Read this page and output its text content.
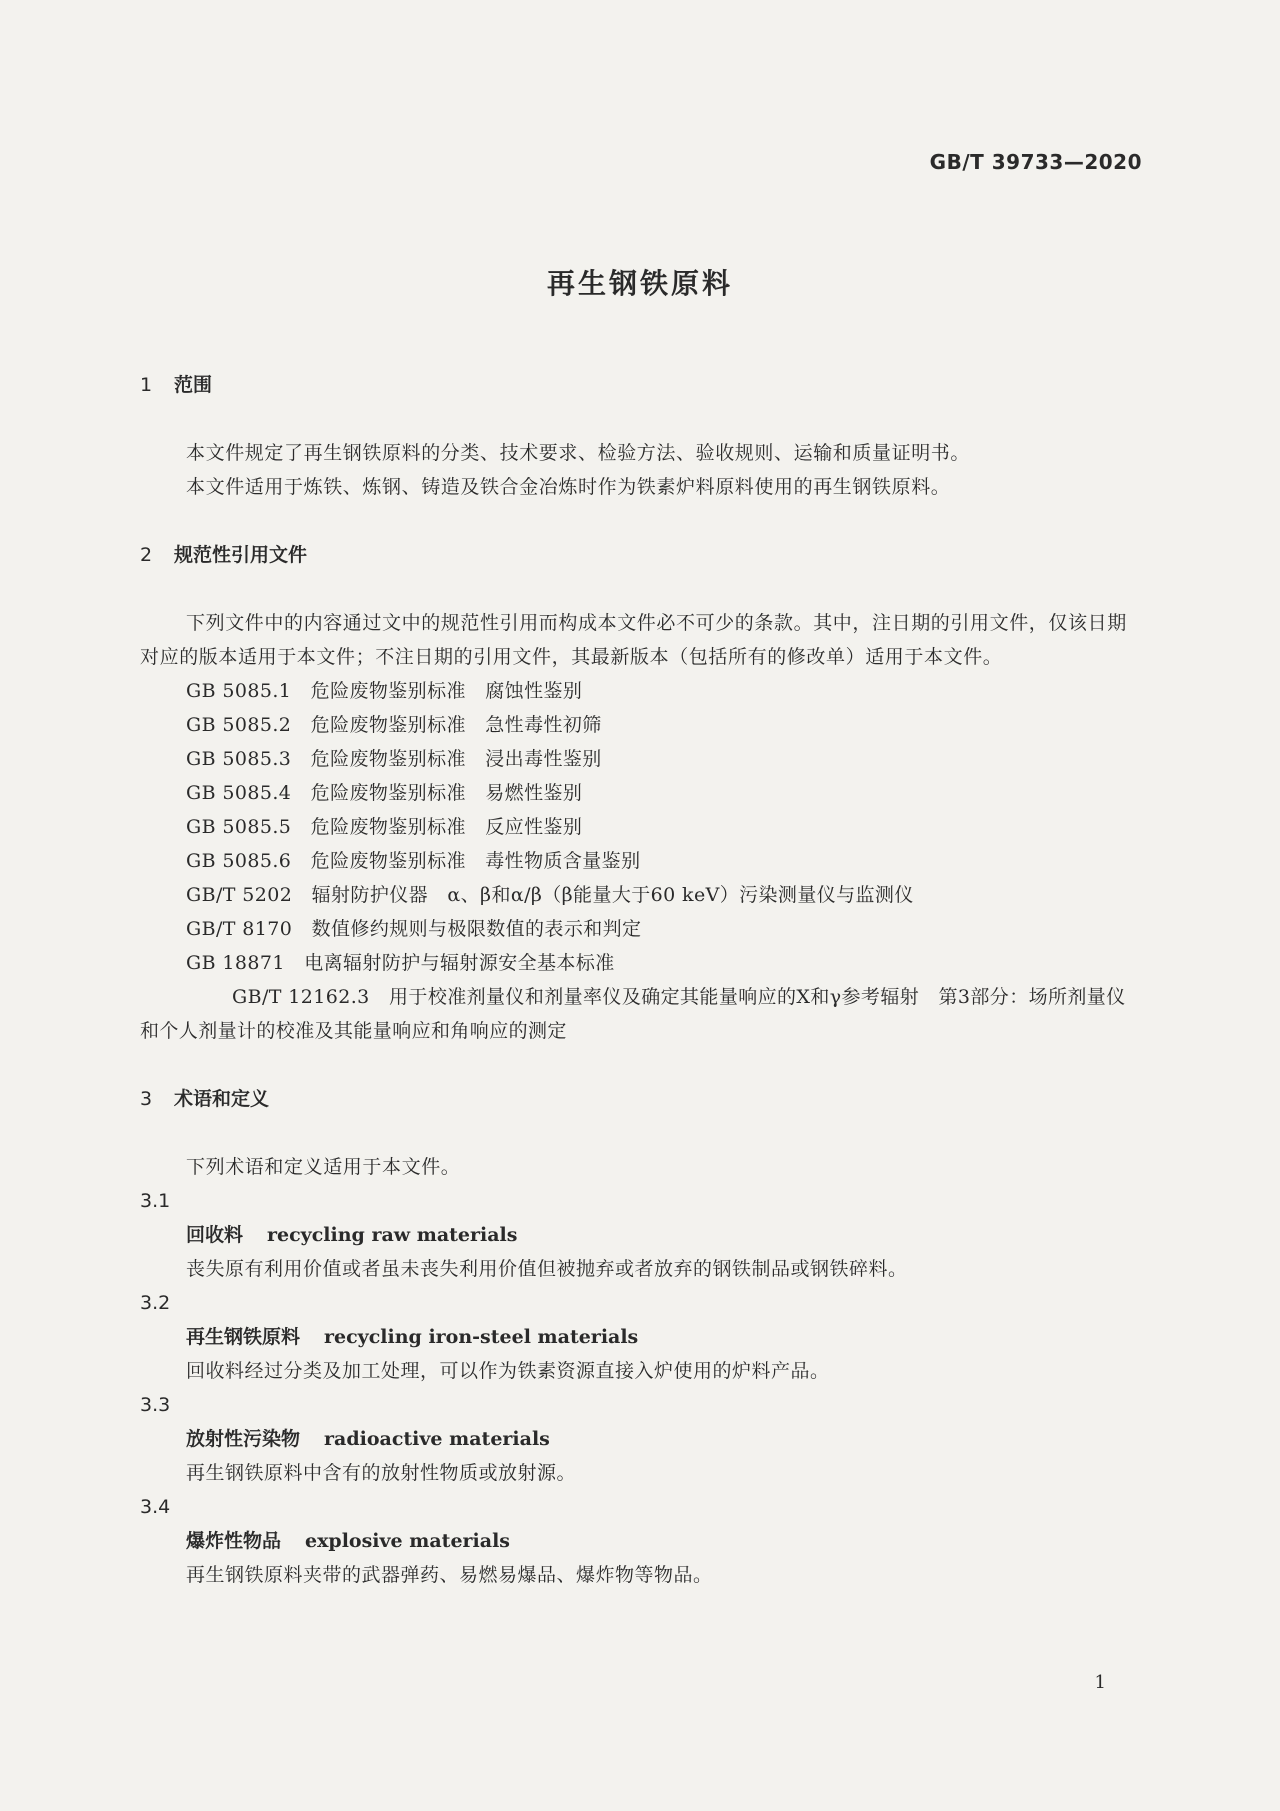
GB/T 39733—2020
再生钢铁原料
1 范围
本文件规定了再生钢铁原料的分类、技术要求、检验方法、验收规则、运输和质量证明书。
本文件适用于炼铁、炼钢、铸造及铁合金冶炼时作为铁素炉料原料使用的再生钢铁原料。
2 规范性引用文件
下列文件中的内容通过文中的规范性引用而构成本文件必不可少的条款。其中，注日期的引用文件，仅该日期对应的版本适用于本文件；不注日期的引用文件，其最新版本（包括所有的修改单）适用于本文件。
GB 5085.1　 危险废物鉴别标准　腐蚀性鉴别
GB 5085.2　 危险废物鉴别标准　急性毒性初筛
GB 5085.3　 危险废物鉴别标准　浸出毒性鉴别
GB 5085.4　 危险废物鉴别标准　易燃性鉴别
GB 5085.5　 危险废物鉴别标准　反应性鉴别
GB 5085.6　 危险废物鉴别标准　毒性物质含量鉴别
GB/T 5202　 辐射防护仪器　α、β和α/β（β能量大于60 keV）污染测量仪与监测仪
GB/T 8170　 数值修约规则与极限数值的表示和判定
GB 18871　 电离辐射防护与辐射源安全基本标准
GB/T 12162.3　 用于校准剂量仪和剂量率仪及确定其能量响应的X和γ参考辐射　第3部分：场所剂量仪和个人剂量计的校准及其能量响应和角响应的测定
3 术语和定义
下列术语和定义适用于本文件。
3.1
回收料 recycling raw materials
丧失原有利用价值或者虽未丧失利用价值但被抛弃或者放弃的钢铁制品或钢铁碎料。
3.2
再生钢铁原料 recycling iron-steel materials
回收料经过分类及加工处理，可以作为铁素资源直接入炉使用的炉料产品。
3.3
放射性污染物 radioactive materials
再生钢铁原料中含有的放射性物质或放射源。
3.4
爆炸性物品 explosive materials
再生钢铁原料夹带的武器弹药、易燃易爆品、爆炸物等物品。
1
